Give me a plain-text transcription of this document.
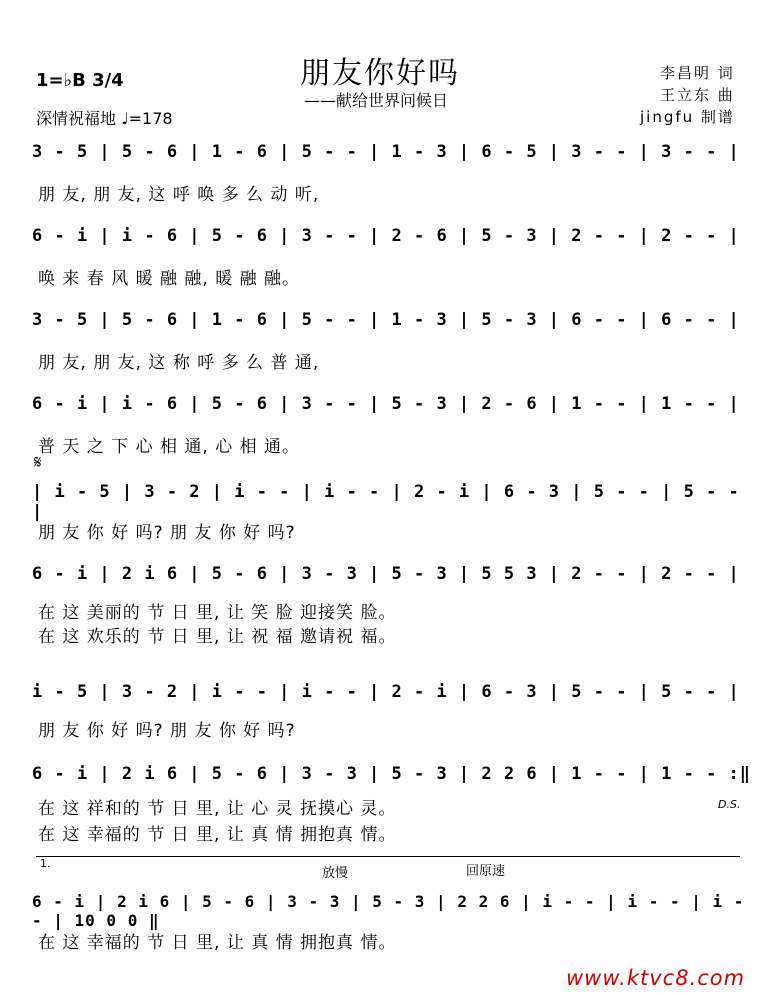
朋友你好吗
——献给世界问候日
1=♭B 3/4
深情祝福地 ♩=178
李昌明 词
王立东 曲
jingfu 制谱
3 - 5 | 5 - 6 | 1 - 6 | 5 - - | 1 - 3 | 6 - 5 | 3 - - | 3 - - |
朋 友, 朋 友, 这 呼 唤 多 么 动 听,
6 - i | i - 6 | 5 - 6 | 3 - - | 2 - 6 | 5 - 3 | 2 - - | 2 - - |
唤 来 春 风 暖 融 融, 暖 融 融。
3 - 5 | 5 - 6 | 1 - 6 | 5 - - | 1 - 3 | 5 - 3 | 6 - - | 6 - - |
朋 友, 朋 友, 这 称 呼 多 么 普 通,
6 - i | i - 6 | 5 - 6 | 3 - - | 5 - 3 | 2 - 6 | 1 - - | 1 - - |
普 天 之 下 心 相 通, 心 相 通。
𝄋
| i - 5 | 3 - 2 | i - - | i - - | 2 - i | 6 - 3 | 5 - - | 5 - - |
朋 友 你 好 吗? 朋 友 你 好 吗?
6 - i | 2 i 6 | 5 - 6 | 3 - 3 | 5 - 3 | 5 5 3 | 2 - - | 2 - - |
在 这 美丽的 节 日 里, 让 笑 脸 迎接笑 脸。
在 这 欢乐的 节 日 里, 让 祝 福 邀请祝 福。
i - 5 | 3 - 2 | i - - | i - - | 2 - i | 6 - 3 | 5 - - | 5 - - |
朋 友 你 好 吗? 朋 友 你 好 吗?
6 - i | 2 i 6 | 5 - 6 | 3 - 3 | 5 - 3 | 2 2 6 | 1 - - | 1 - - :‖
在 这 祥和的 节 日 里, 让 心 灵 抚摸心 灵。
在 这 幸福的 节 日 里, 让 真 情 拥抱真 情。
D.S.
1.
放慢	回原速
6 - i | 2 i 6 | 5 - 6 | 3 - 3 | 5 - 3 | 2 2 6 | i - - | i - - | i - - | 10 0 0 ‖
在 这 幸福的 节 日 里, 让 真 情 拥抱真 情。
www.ktvc8.com
